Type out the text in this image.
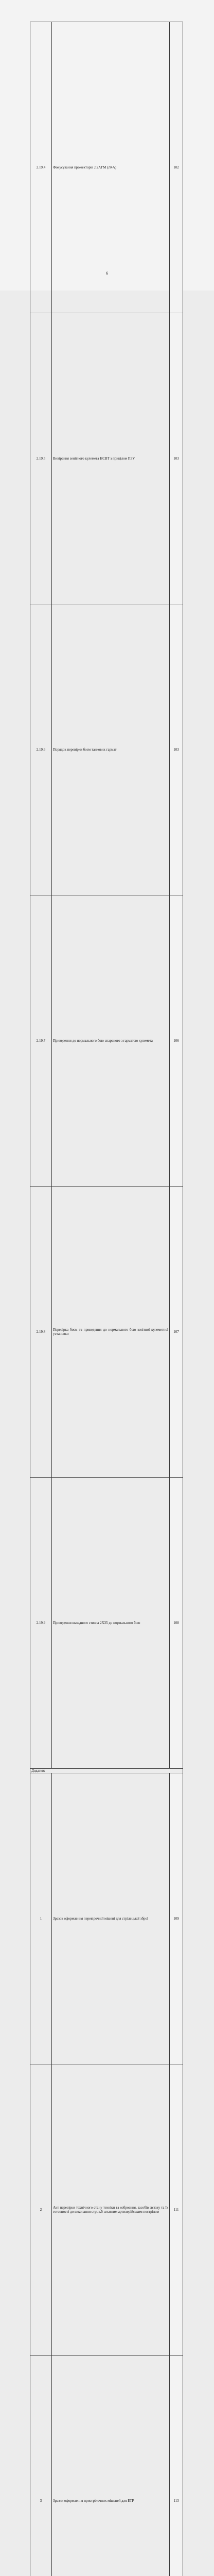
2.19.4	Фокусування прожекторів Л2АГМ (Л4А)	102
2.19.5	Вивірення зенітного кулемета НСВТ з прицілом ПЗУ	103
2.19.6	Порядок перевірки боєм танкових гармат	103
2.19.7	Приведення до нормального бою спареного з гарматою кулемета	106
2.19.8	Перевірка боєм та приведення до нормального бою зенітної кулеметної установки	107
2.19.9	Приведення вкладного ствола 2Х35 до нормального бою	108
Додатки:		
1	Зразок оформлення перевірочної мішені для стрілецької зброї	109
2	Акт перевірки технічного стану техніки та озброєння, засобів зв'язку та їх готовності до виконання стрільб штатним артилерійським пострілом	111
3	Зразки оформлення пристрілочних мішеней для БТР	113

6
